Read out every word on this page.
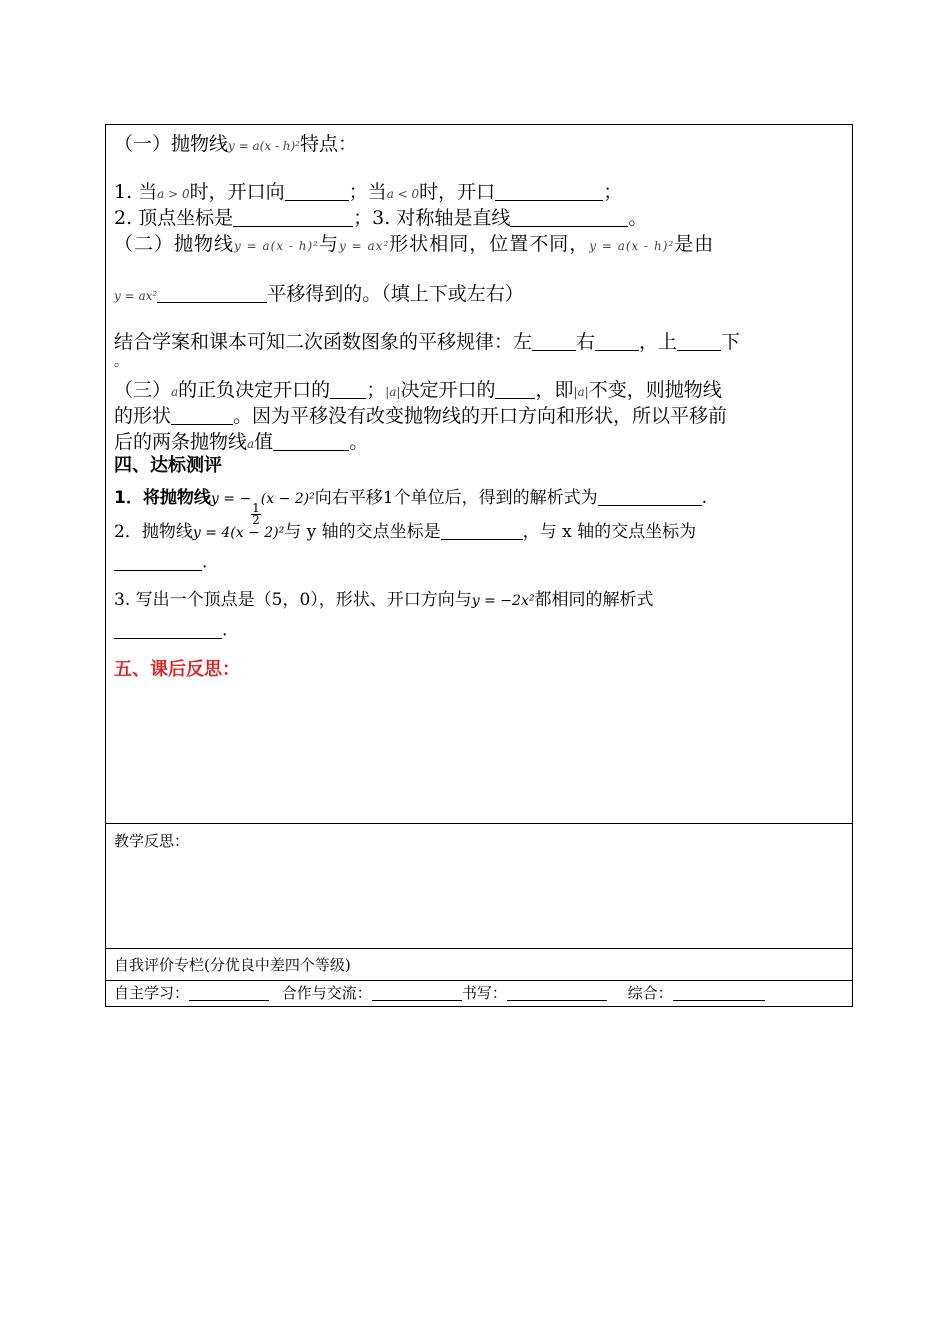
（一）抛物线y = a(x - h)²特点：
1. 当a > 0时，开口向	；当a < 0时，开口	；
2. 顶点坐标是	；3. 对称轴是直线	。
（二）抛物线y = a(x - h)²与y = ax²形状相同，位置不同，y = a(x - h)²是由
y = ax²	平移得到的。（填上下或左右）
结合学案和课本可知二次函数图象的平移规律：左 右 ，上 下
。
（三）a的正负决定开口的 ；|a|决定开口的 ，即|a|不变，则抛物线
的形状	。因为平移没有改变抛物线的开口方向和形状，所以平移前
后的两条抛物线a值	。
四、达标测评
1．将抛物线y = −
$\frac{1}{2}$
(x − 2)²向右平移1个单位后，得到的解析式为	.
2．抛物线y = 4(x − 2)²与 y 轴的交点坐标是	，与 x 轴的交点坐标为
.
3. 写出一个顶点是（5，0），形状、开口方向与y = −2x²都相同的解析式
.
五、课后反思：
教学反思：
自我评价专栏(分优良中差四个等级)
自主学习：	合作与交流：	书写：	综合：
